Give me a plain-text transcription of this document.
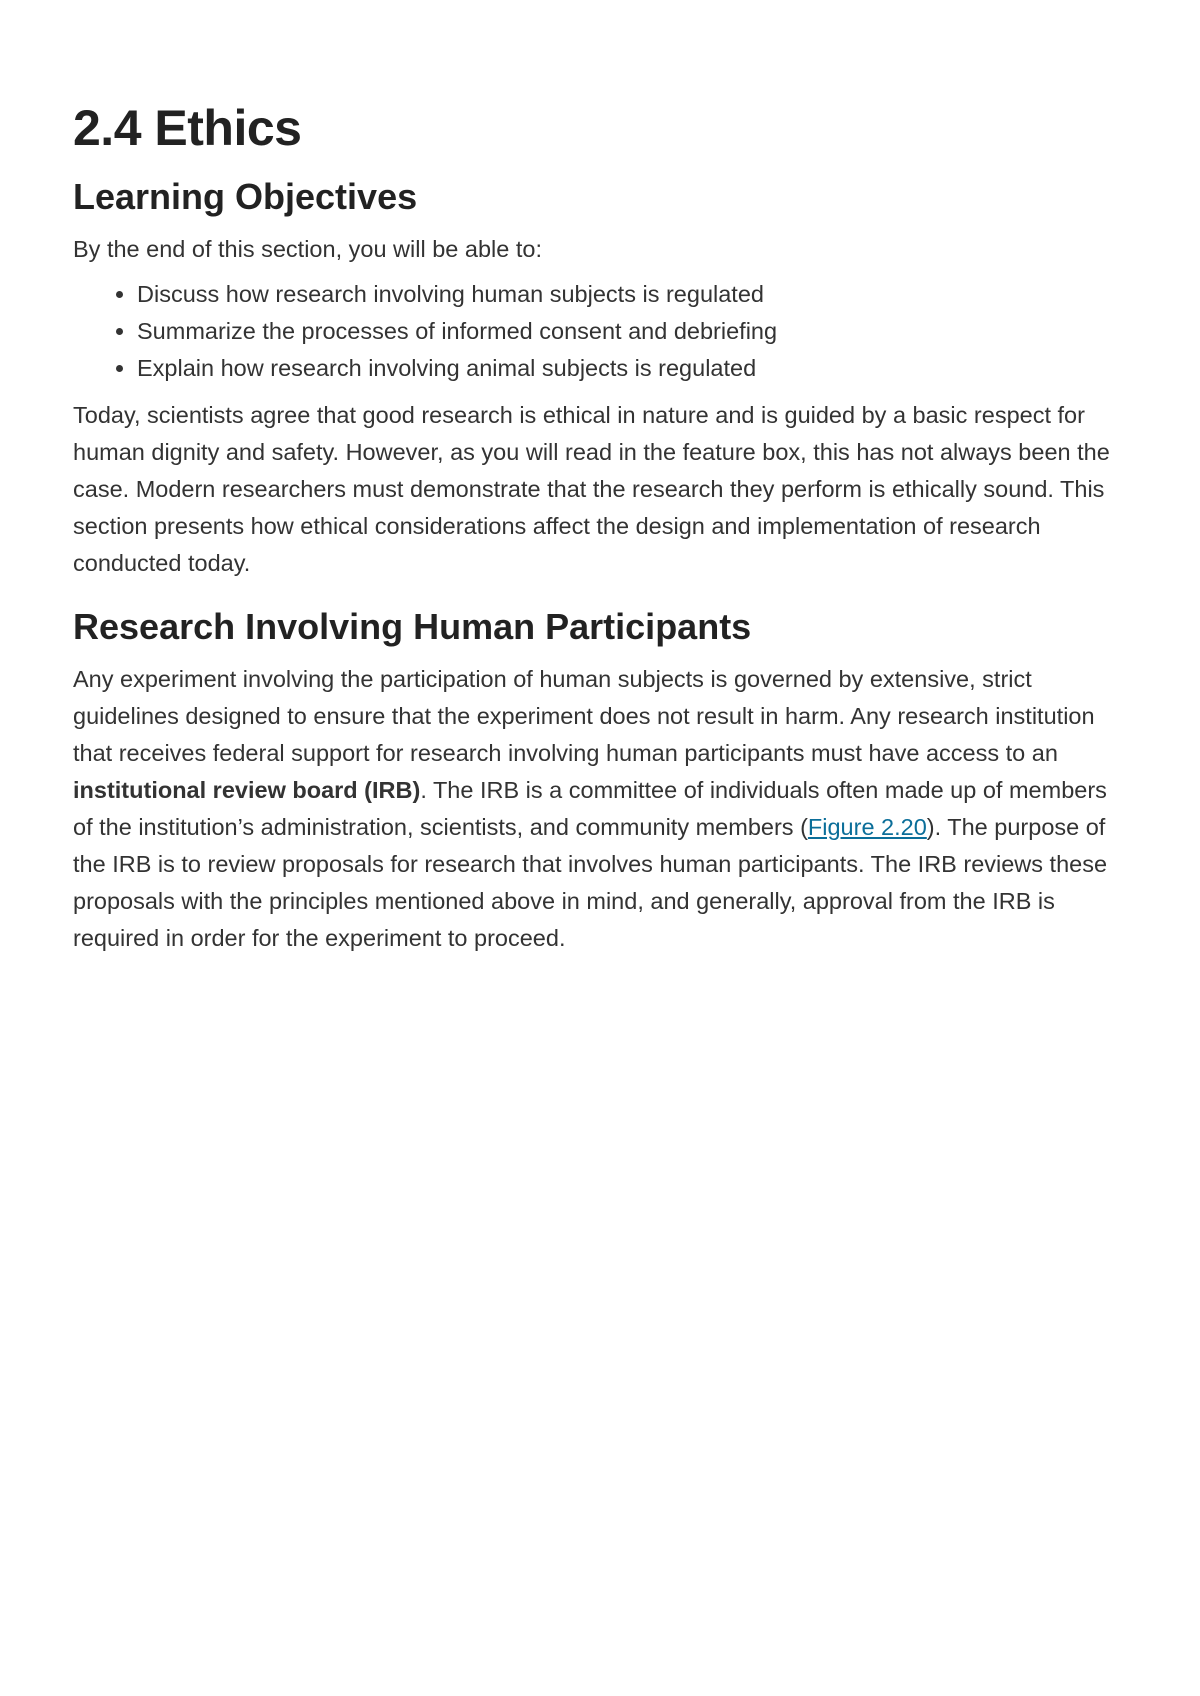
2.4 Ethics
Learning Objectives

By the end of this section, you will be able to:

• Discuss how research involving human subjects is regulated
• Summarize the processes of informed consent and debriefing
• Explain how research involving animal subjects is regulated

Today, scientists agree that good research is ethical in nature and is guided by a basic respect for human dignity and safety. However, as you will read in the feature box, this has not always been the case. Modern researchers must demonstrate that the research they perform is ethically sound. This section presents how ethical considerations affect the design and implementation of research conducted today.

Research Involving Human Participants

Any experiment involving the participation of human subjects is governed by extensive, strict guidelines designed to ensure that the experiment does not result in harm. Any research institution that receives federal support for research involving human participants must have access to an institutional review board (IRB). The IRB is a committee of individuals often made up of members of the institution’s administration, scientists, and community members (Figure 2.20). The purpose of the IRB is to review proposals for research that involves human participants. The IRB reviews these proposals with the principles mentioned above in mind, and generally, approval from the IRB is required in order for the experiment to proceed.
